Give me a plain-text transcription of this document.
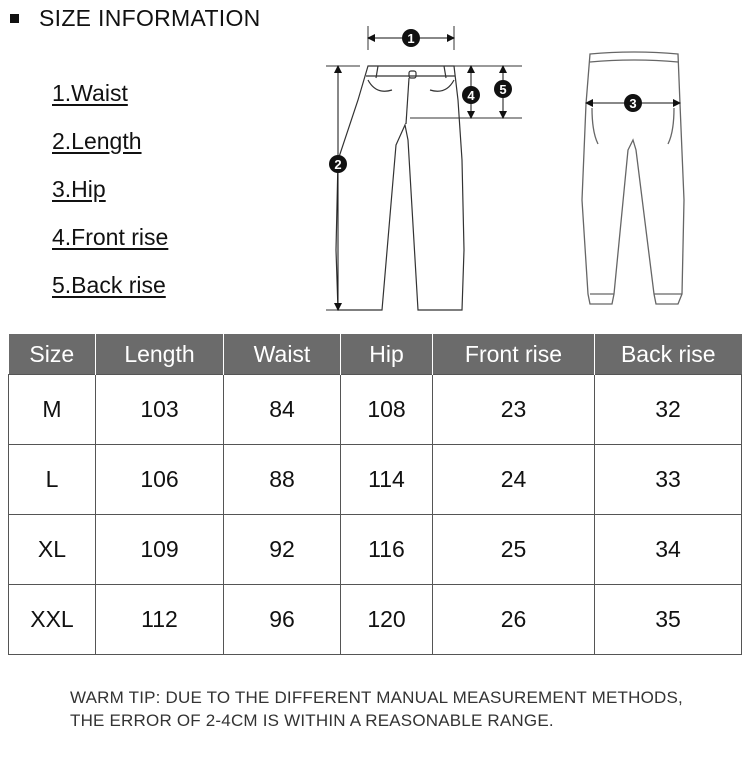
SIZE INFORMATION
1.Waist
2.Length
3.Hip
4.Front rise
5.Back rise
1
2
4 5
3
Size	Length	Waist	Hip	Front rise	Back rise
M	103	84	108	23	32
L	106	88	114	24	33
XL	109	92	116	25	34
XXL	112	96	120	26	35
WARM TIP: DUE TO THE DIFFERENT MANUAL MEASUREMENT METHODS,
THE ERROR OF 2-4CM IS WITHIN A REASONABLE RANGE.
